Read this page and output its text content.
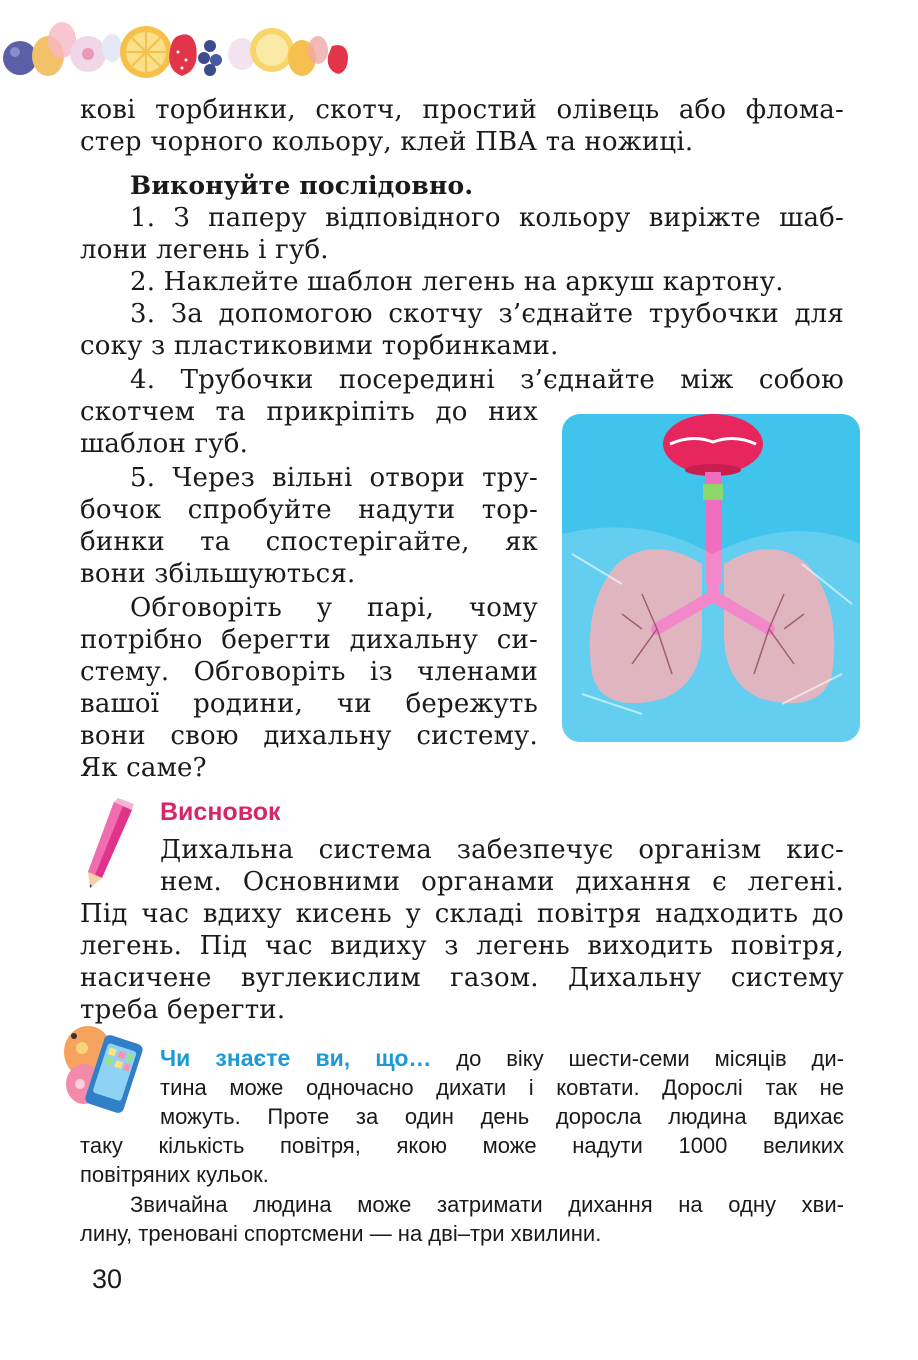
кові торбинки, скотч, простий олівець або флома-
стер чорного кольору, клей ПВА та ножиці.
Виконуйте послідовно.
1. З паперу відповідного кольору виріжте шаб-
лони легень і губ.
2. Наклейте шаблон легень на аркуш картону.
3. За допомогою скотчу з’єднайте трубочки для
соку з пластиковими торбинками.
4. Трубочки посередині з’єднайте між собою
скотчем та прикріпіть до них
шаблон губ.
5. Через вільні отвори тру-
бочок спробуйте надути тор-
бинки та спостерігайте, як
вони збільшуються.
Обговоріть у парі, чому
потрібно берегти дихальну си-
стему. Обговоріть із членами
вашої родини, чи бережуть
вони свою дихальну систему.
Як саме?
Висновок
Дихальна система забезпечує організм кис-
нем. Основними органами дихання є легені.
Під час вдиху кисень у складі повітря надходить до
легень. Під час видиху з легень виходить повітря,
насичене вуглекислим газом. Дихальну систему
треба берегти.
Чи знаєте ви, що… до віку шести-семи місяців ди-
тина може одночасно дихати і ковтати. Дорослі так не
можуть. Проте за один день доросла людина вдихає
таку кількість повітря, якою може надути 1000 великих
повітряних кульок.
Звичайна людина може затримати дихання на одну хви-
лину, треновані спортсмени — на дві–три хвилини.
30
